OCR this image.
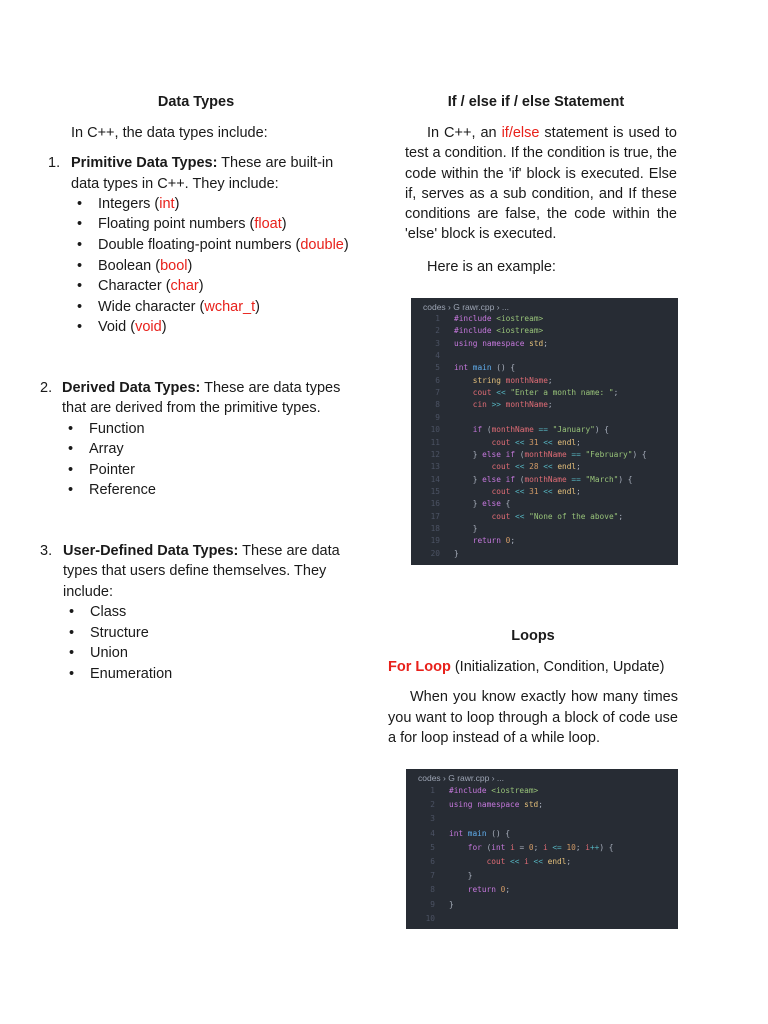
Data Types

In C++, the data types include:

1. Primitive Data Types: These are built-in data types in C++. They include:
• Integers (int)
• Floating point numbers (float)
• Double floating-point numbers (double)
• Boolean (bool)
• Character (char)
• Wide character (wchar_t)
• Void (void)
2. Derived Data Types: These are data types that are derived from the primitive types.
• Function
• Array
• Pointer
• Reference
3. User-Defined Data Types: These are data types that users define themselves. They include:
• Class
• Structure
• Union
• Enumeration

If / else if / else Statement

In C++, an if/else statement is used to test a condition. If the condition is true, the code within the 'if' block is executed. Else if, serves as a sub condition, and If these conditions are false, the code within the 'else' block is executed.

Here is an example:

codes › G rawr.cpp › ...
1 #include <iostream>
2 #include <iostream>
3 using namespace std;
4
5 int main () {
6	string monthName;
7	cout << "Enter a month name: ";
8	cin >> monthName;
9
10	if (monthName == "January") {
11	cout << 31 << endl;
12    } else if (monthName == "February") {
13	cout << 28 << endl;
14    } else if (monthName == "March") {
15	cout << 31 << endl;
16    } else {
17	cout << "None of the above";
18    }
19	return 0;
20 }

Loops

For Loop (Initialization, Condition, Update)

When you know exactly how many times you want to loop through a block of code use a for loop instead of a while loop.

codes › G rawr.cpp › ...
1 #include <iostream>
2 using namespace std;
3
4 int main () {
5	for (int i = 0; i <= 10; i++) {
6	cout << i << endl;
7    }
8	return 0;
9 }
10
